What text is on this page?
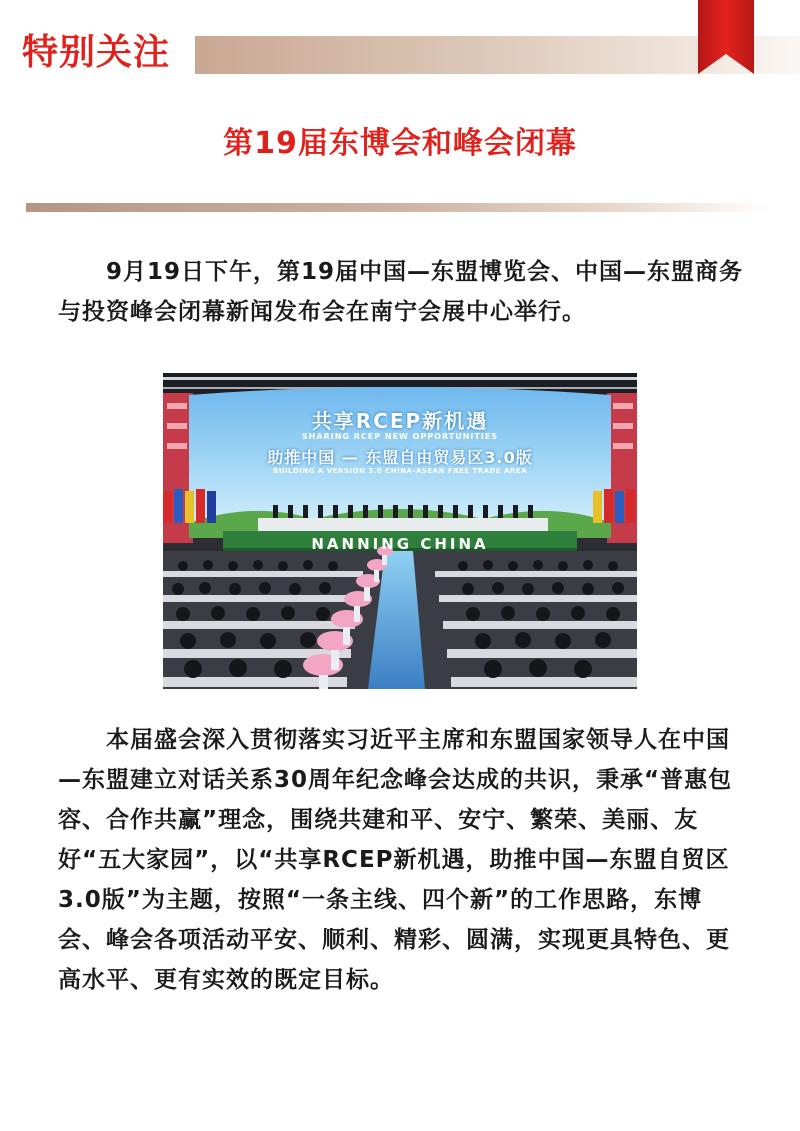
特别关注
第19届东博会和峰会闭幕

9月19日下午，第19届中国—东盟博览会、中国—东盟商务与投资峰会闭幕新闻发布会在南宁会展中心举行。

共享RCEP新机遇
SHARING RCEP NEW OPPORTUNITIES
助推中国 — 东盟自由贸易区3.0版
BUILDING A VERSION 3.0 CHINA-ASEAN FREE TRADE AREA
NANNING CHINA

本届盛会深入贯彻落实习近平主席和东盟国家领导人在中国—东盟建立对话关系30周年纪念峰会达成的共识，秉承“普惠包容、合作共赢”理念，围绕共建和平、安宁、繁荣、美丽、友好“五大家园”，以“共享RCEP新机遇，助推中国—东盟自贸区3.0版”为主题，按照“一条主线、四个新”的工作思路，东博会、峰会各项活动平安、顺利、精彩、圆满，实现更具特色、更高水平、更有实效的既定目标。
